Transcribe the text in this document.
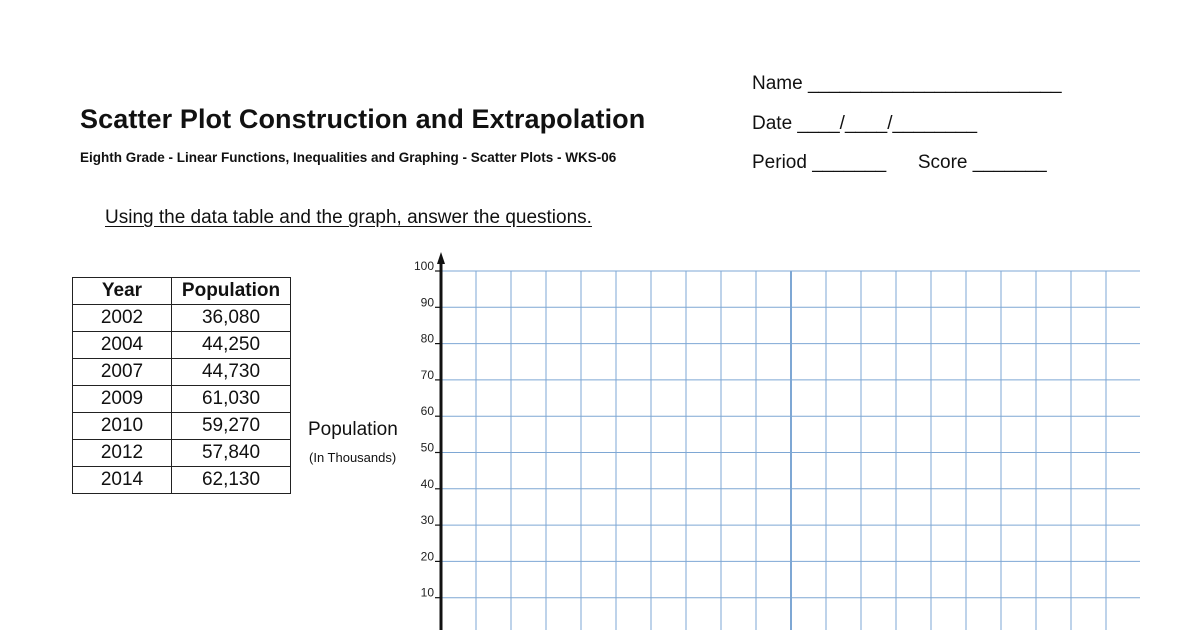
Scatter Plot Construction and Extrapolation
Eighth Grade - Linear Functions, Inequalities and Graphing - Scatter Plots - WKS-06
Name ________________________
Date ____/____/________
Period _______      Score _______
Using the data table and the graph, answer the questions.
Year	Population
2002	36,080
2004	44,250
2007	44,730
2009	61,030
2010	59,270
2012	57,840
2014	62,130
Population
(In Thousands)
10
20
30
40
50
60
70
80
90
100
